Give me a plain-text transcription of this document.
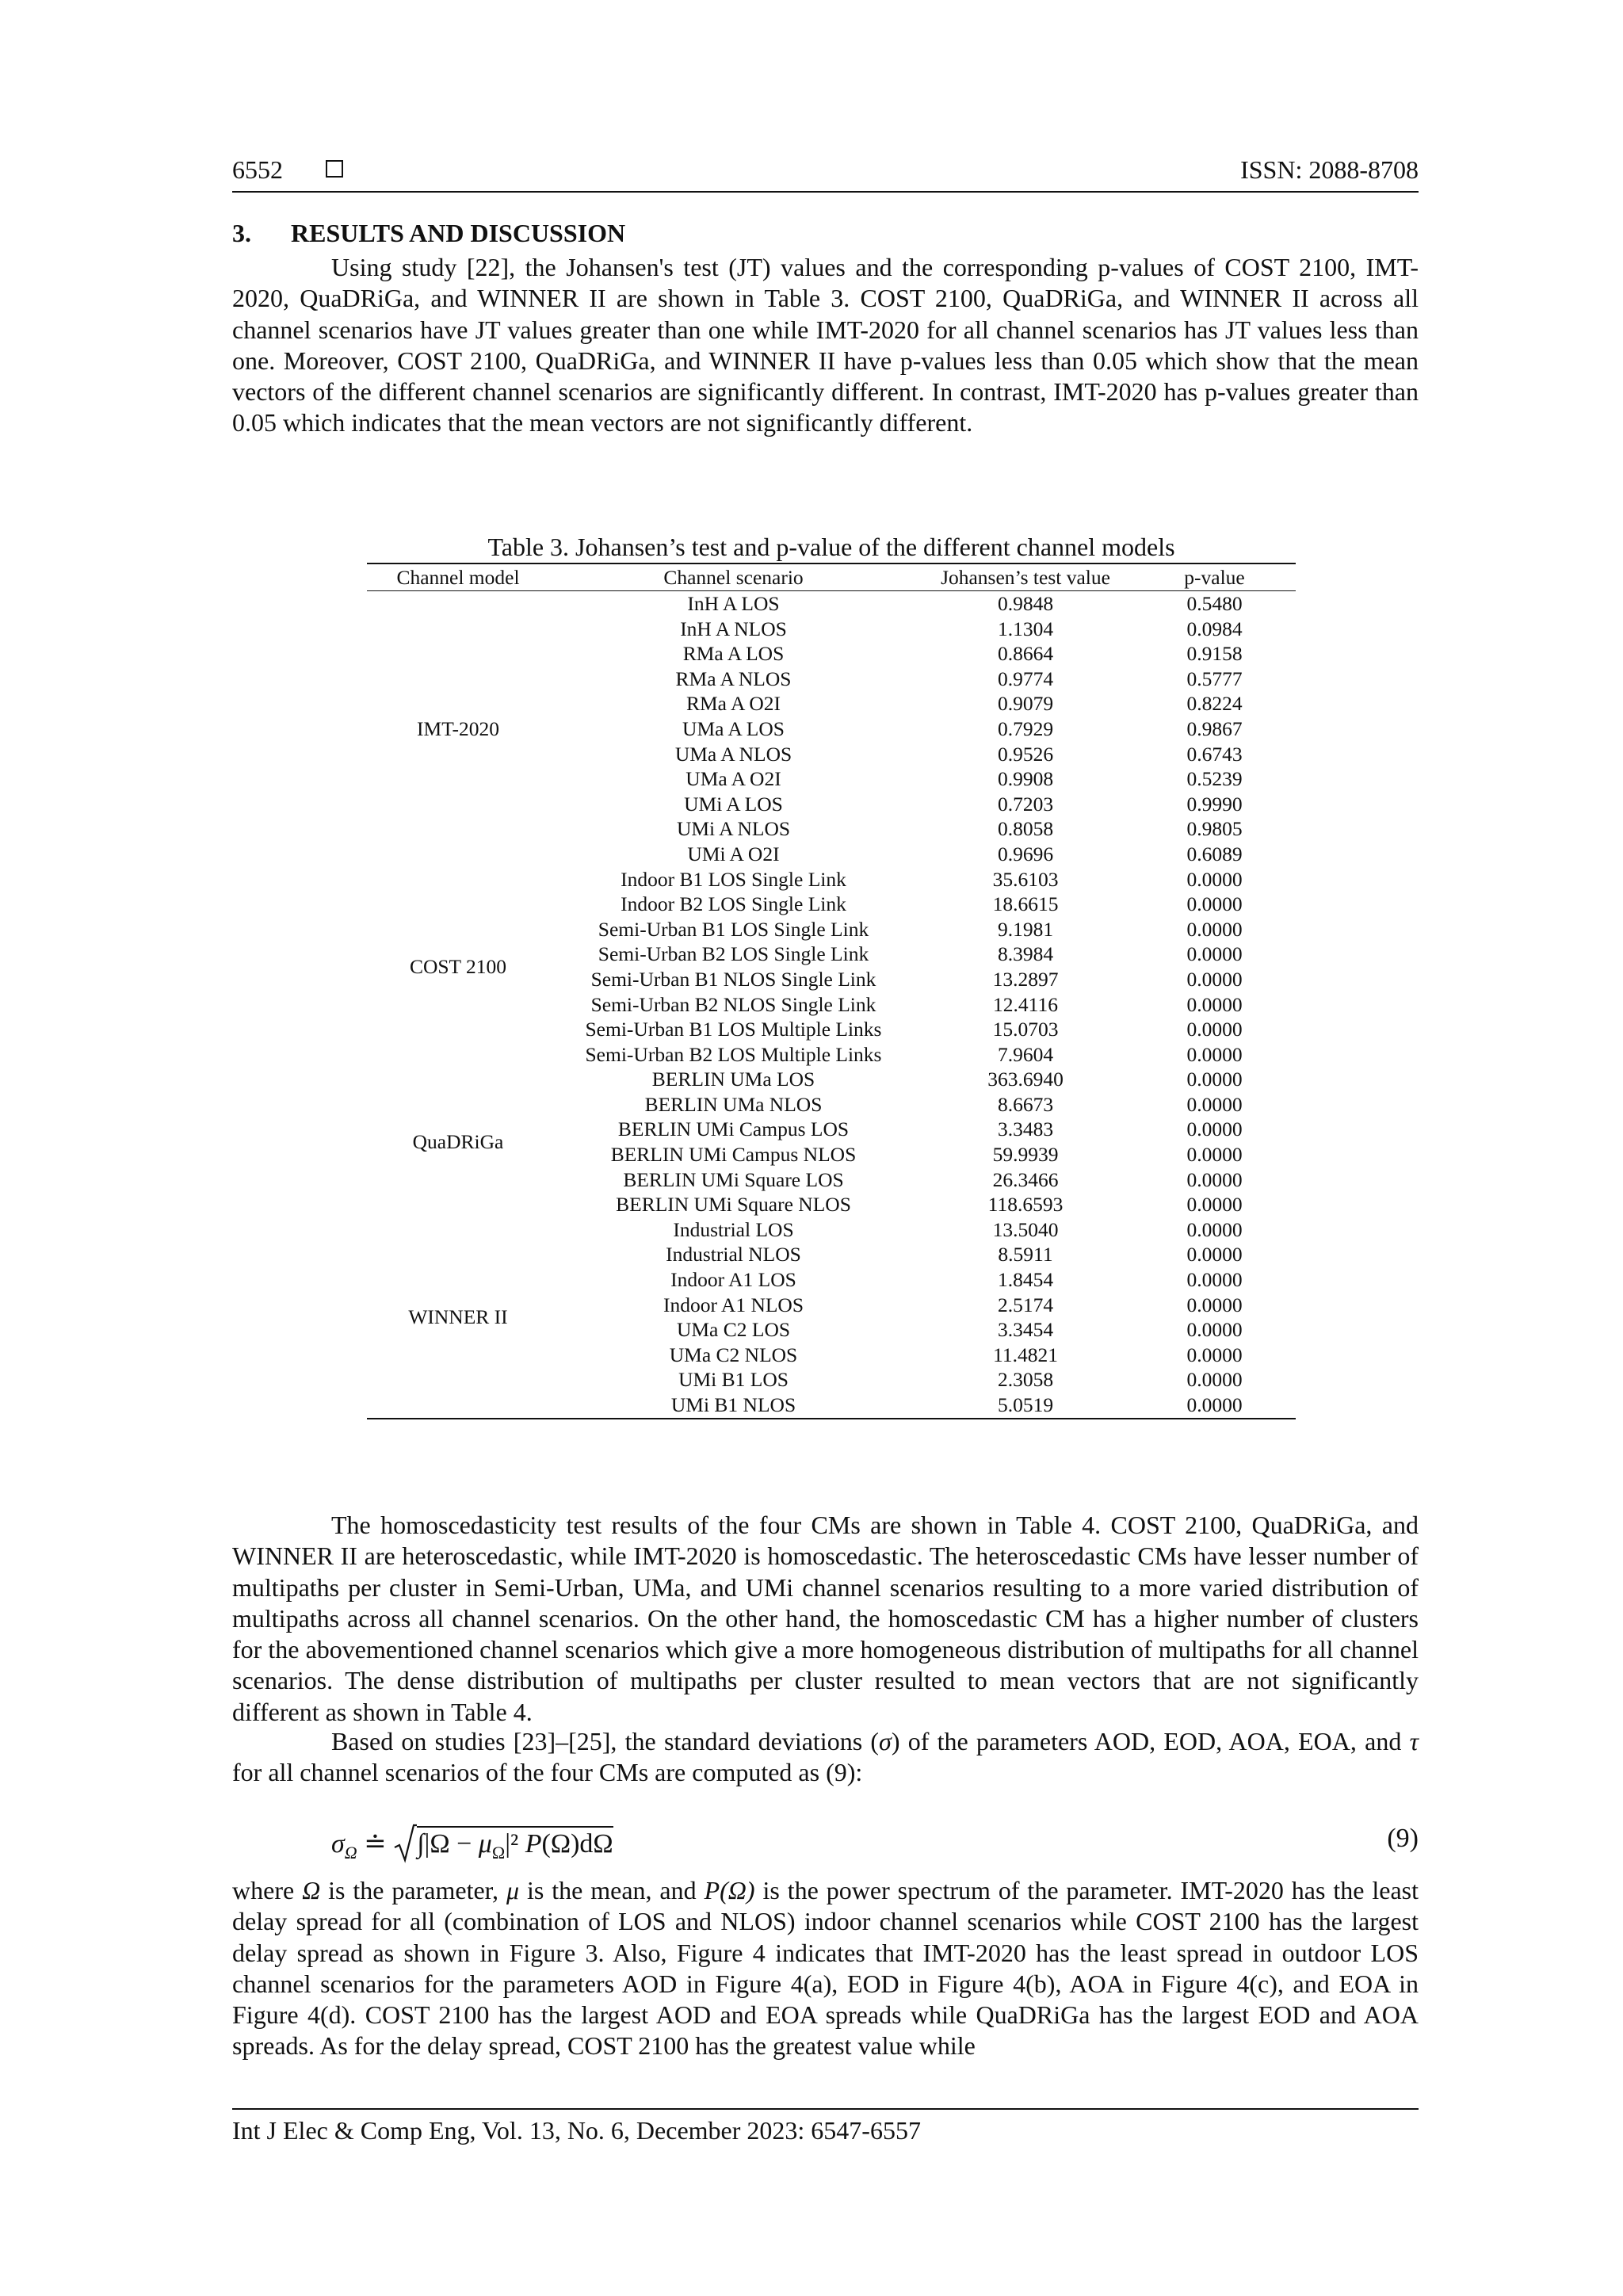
6552	ISSN: 2088-8708
3. RESULTS AND DISCUSSION

Using study [22], the Johansen's test (JT) values and the corresponding p-values of COST 2100, IMT-2020, QuaDRiGa, and WINNER II are shown in Table 3. COST 2100, QuaDRiGa, and WINNER II across all channel scenarios have JT values greater than one while IMT-2020 for all channel scenarios has JT values less than one. Moreover, COST 2100, QuaDRiGa, and WINNER II have p-values less than 0.05 which show that the mean vectors of the different channel scenarios are significantly different. In contrast, IMT-2020 has p-values greater than 0.05 which indicates that the mean vectors are not significantly different.

Table 3. Johansen’s test and p-value of the different channel models

Channel model	Channel scenario	Johansen’s test value	p-value
IMT-2020	InH A LOS	0.9848	0.5480
	InH A NLOS	1.1304	0.0984
	RMa A LOS	0.8664	0.9158
	RMa A NLOS	0.9774	0.5777
	RMa A O2I	0.9079	0.8224
	UMa A LOS	0.7929	0.9867
	UMa A NLOS	0.9526	0.6743
	UMa A O2I	0.9908	0.5239
	UMi A LOS	0.7203	0.9990
	UMi A NLOS	0.8058	0.9805
	UMi A O2I	0.9696	0.6089
COST 2100	Indoor B1 LOS Single Link	35.6103	0.0000
	Indoor B2 LOS Single Link	18.6615	0.0000
	Semi-Urban B1 LOS Single Link	9.1981	0.0000
	Semi-Urban B2 LOS Single Link	8.3984	0.0000
	Semi-Urban B1 NLOS Single Link	13.2897	0.0000
	Semi-Urban B2 NLOS Single Link	12.4116	0.0000
	Semi-Urban B1 LOS Multiple Links	15.0703	0.0000
	Semi-Urban B2 LOS Multiple Links	7.9604	0.0000
QuaDRiGa	BERLIN UMa LOS	363.6940	0.0000
	BERLIN UMa NLOS	8.6673	0.0000
	BERLIN UMi Campus LOS	3.3483	0.0000
	BERLIN UMi Campus NLOS	59.9939	0.0000
	BERLIN UMi Square LOS	26.3466	0.0000
	BERLIN UMi Square NLOS	118.6593	0.0000
WINNER II	Industrial LOS	13.5040	0.0000
	Industrial NLOS	8.5911	0.0000
	Indoor A1 LOS	1.8454	0.0000
	Indoor A1 NLOS	2.5174	0.0000
	UMa C2 LOS	3.3454	0.0000
	UMa C2 NLOS	11.4821	0.0000
	UMi B1 LOS	2.3058	0.0000
	UMi B1 NLOS	5.0519	0.0000

The homoscedasticity test results of the four CMs are shown in Table 4. COST 2100, QuaDRiGa, and WINNER II are heteroscedastic, while IMT-2020 is homoscedastic. The heteroscedastic CMs have lesser number of multipaths per cluster in Semi-Urban, UMa, and UMi channel scenarios resulting to a more varied distribution of multipaths across all channel scenarios. On the other hand, the homoscedastic CM has a higher number of clusters for the abovementioned channel scenarios which give a more homogeneous distribution of multipaths for all channel scenarios. The dense distribution of multipaths per cluster resulted to mean vectors that are not significantly different as shown in Table 4.

Based on studies [23]–[25], the standard deviations (σ) of the parameters AOD, EOD, AOA, EOA, and τ for all channel scenarios of the four CMs are computed as (9):

$\sigma_\Omega$ ≐ $\int|\Omega - \mu_\Omega|^2$ P(Ω)dΩ	(9)

where Ω is the parameter, μ is the mean, and P(Ω) is the power spectrum of the parameter. IMT-2020 has the least delay spread for all (combination of LOS and NLOS) indoor channel scenarios while COST 2100 has the largest delay spread as shown in Figure 3. Also, Figure 4 indicates that IMT-2020 has the least spread in outdoor LOS channel scenarios for the parameters AOD in Figure 4(a), EOD in Figure 4(b), AOA in Figure 4(c), and EOA in Figure 4(d). COST 2100 has the largest AOD and EOA spreads while QuaDRiGa has the largest EOD and AOA spreads. As for the delay spread, COST 2100 has the greatest value while

Int J Elec & Comp Eng, Vol. 13, No. 6, December 2023: 6547-6557
